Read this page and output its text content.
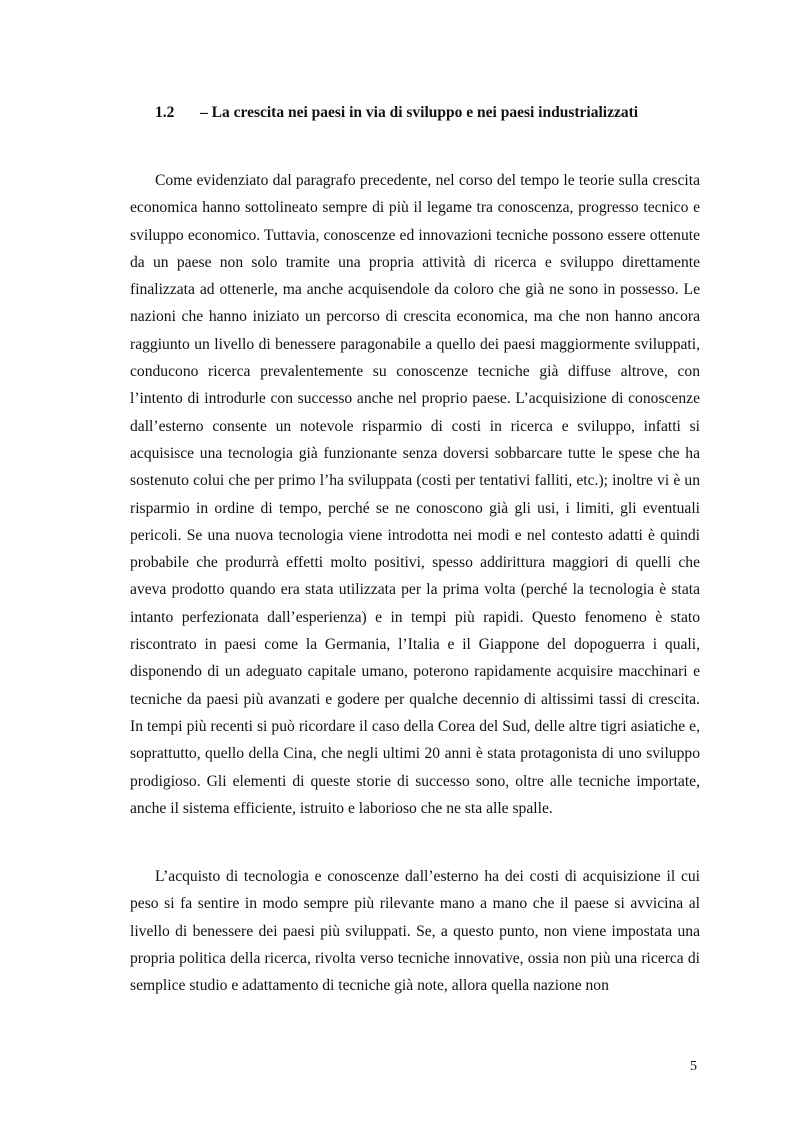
1.2 – La crescita nei paesi in via di sviluppo e nei paesi industrializzati

Come evidenziato dal paragrafo precedente, nel corso del tempo le teorie sulla crescita economica hanno sottolineato sempre di più il legame tra conoscenza, progresso tecnico e sviluppo economico. Tuttavia, conoscenze ed innovazioni tecniche possono essere ottenute da un paese non solo tramite una propria attività di ricerca e sviluppo direttamente finalizzata ad ottenerle, ma anche acquisendole da coloro che già ne sono in possesso. Le nazioni che hanno iniziato un percorso di crescita economica, ma che non hanno ancora raggiunto un livello di benessere paragonabile a quello dei paesi maggiormente sviluppati, conducono ricerca prevalentemente su conoscenze tecniche già diffuse altrove, con l’intento di introdurle con successo anche nel proprio paese. L’acquisizione di conoscenze dall’esterno consente un notevole risparmio di costi in ricerca e sviluppo, infatti si acquisisce una tecnologia già funzionante senza doversi sobbarcare tutte le spese che ha sostenuto colui che per primo l’ha sviluppata (costi per tentativi falliti, etc.); inoltre vi è un risparmio in ordine di tempo, perché se ne conoscono già gli usi, i limiti, gli eventuali pericoli. Se una nuova tecnologia viene introdotta nei modi e nel contesto adatti è quindi probabile che produrrà effetti molto positivi, spesso addirittura maggiori di quelli che aveva prodotto quando era stata utilizzata per la prima volta (perché la tecnologia è stata intanto perfezionata dall’esperienza) e in tempi più rapidi. Questo fenomeno è stato riscontrato in paesi come la Germania, l’Italia e il Giappone del dopoguerra i quali, disponendo di un adeguato capitale umano, poterono rapidamente acquisire macchinari e tecniche da paesi più avanzati e godere per qualche decennio di altissimi tassi di crescita. In tempi più recenti si può ricordare il caso della Corea del Sud, delle altre tigri asiatiche e, soprattutto, quello della Cina, che negli ultimi 20 anni è stata protagonista di uno sviluppo prodigioso. Gli elementi di queste storie di successo sono, oltre alle tecniche importate, anche il sistema efficiente, istruito e laborioso che ne sta alle spalle.

L’acquisto di tecnologia e conoscenze dall’esterno ha dei costi di acquisizione il cui peso si fa sentire in modo sempre più rilevante mano a mano che il paese si avvicina al livello di benessere dei paesi più sviluppati. Se, a questo punto, non viene impostata una propria politica della ricerca, rivolta verso tecniche innovative, ossia non più una ricerca di semplice studio e adattamento di tecniche già note, allora quella nazione non

5
